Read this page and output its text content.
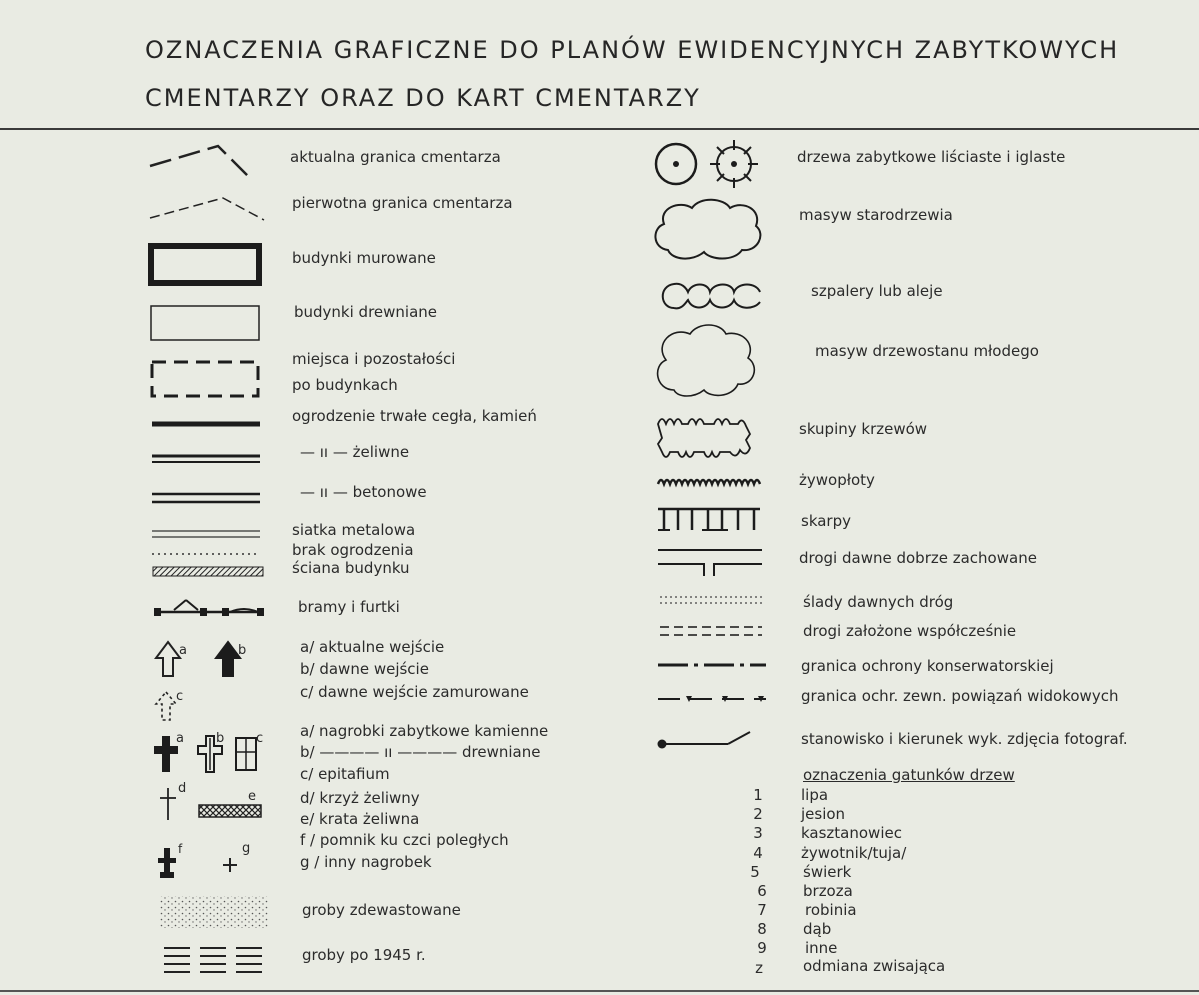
OZNACZENIA GRAFICZNE DO PLANÓW EWIDENCYJNYCH ZABYTKOWYCH
CMENTARZY ORAZ DO KART CMENTARZY
aktualna granica cmentarza
pierwotna granica cmentarza
budynki murowane
budynki drewniane
miejsca i pozostałości
po budynkach
ogrodzenie trwałe cegła, kamień
— ıı — żeliwne
— ıı — betonowe
siatka metalowa
brak ogrodzenia
ściana budynku
bramy i furtki
a	b
c
a/ aktualne wejście
b/ dawne wejście
c/ dawne wejście zamurowane
a b c a/ nagrobki zabytkowe kamienne
b/ ———— ıı ———— drewniane
c/ epitafium
d
e	d/ krzyż żeliwny
e/ krata żeliwna
f / pomnik ku czci poległych
g / inny nagrobek
f	g
groby zdewastowane
groby po 1945 r.
drzewa zabytkowe liściaste i iglaste
masyw starodrzewia
szpalery lub aleje
masyw drzewostanu młodego
skupiny krzewów
żywopłoty
skarpy
drogi dawne dobrze zachowane
ślady dawnych dróg
drogi założone współcześnie
granica ochrony konserwatorskiej
granica ochr. zewn. powiązań widokowych
stanowisko i kierunek wyk. zdjęcia fotograf.
oznaczenia gatunków drzew
1	lipa
2	jesion
3	kasztanowiec
4	żywotnik/tuja/
5	świerk
6	brzoza
7	robinia
8	dąb
9	inne
z	odmiana zwisająca
